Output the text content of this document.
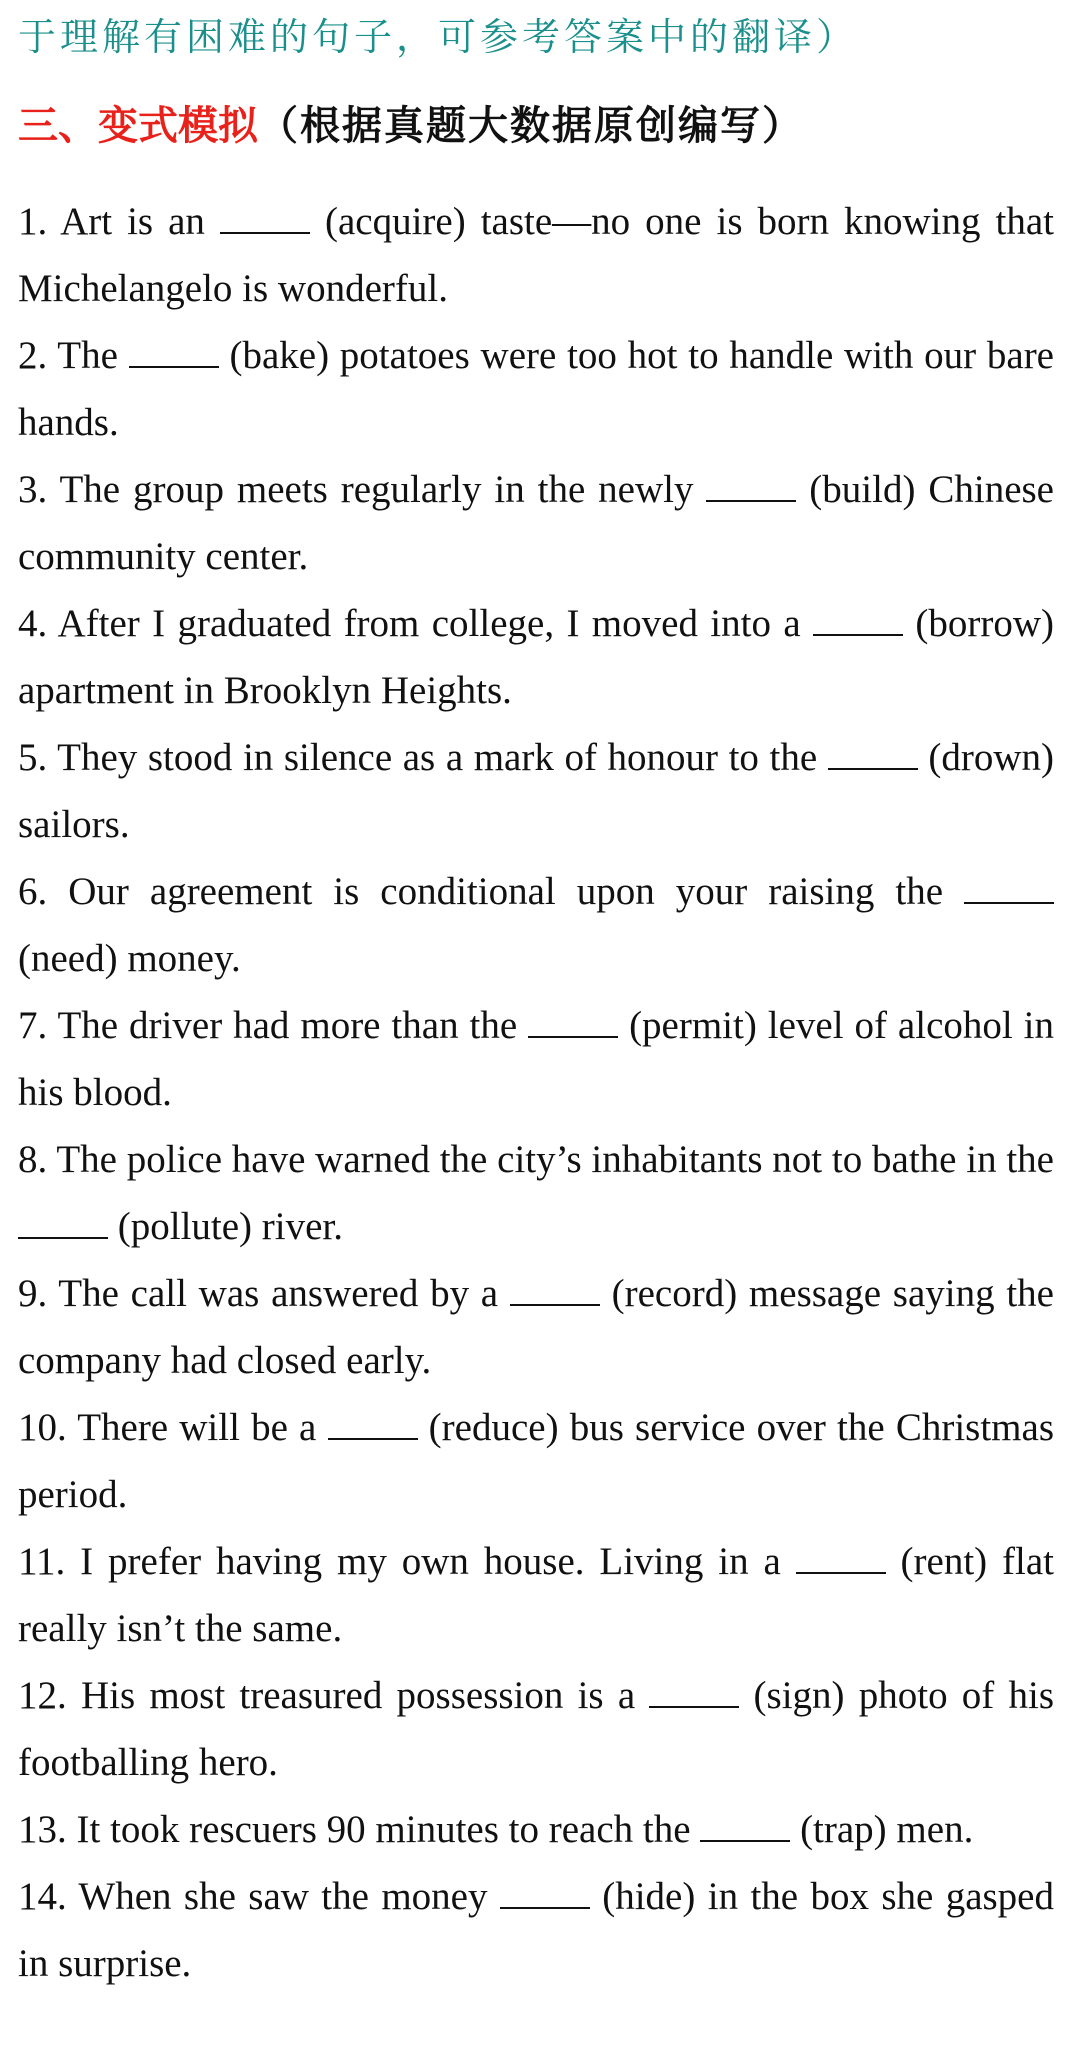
于理解有困难的句子，可参考答案中的翻译）

三、变式模拟（根据真题大数据原创编写）
1. Art is an	(acquire) taste—no one is born knowing that Michelangelo is wonderful.
2. The	(bake) potatoes were too hot to handle with our bare hands.
3. The group meets regularly in the newly	(build) Chinese community center.
4. After I graduated from college, I moved into a	(borrow) apartment in Brooklyn Heights.
5. They stood in silence as a mark of honour to the	(drown) sailors.
6. Our agreement is conditional upon your raising the  (need) money.
7. The driver had more than the	(permit) level of alcohol in his blood.
8. The police have warned the city’s inhabitants not to bathe in the  (pollute) river.
9. The call was answered by a	(record) message saying the company had closed early.
10. There will be a	(reduce) bus service over the Christmas period.
11. I prefer having my own house. Living in a	(rent) flat really isn’t the same.
12. His most treasured possession is a	(sign) photo of his footballing hero.
13. It took rescuers 90 minutes to reach the	(trap) men.
14. When she saw the money	(hide) in the box she gasped in surprise.
